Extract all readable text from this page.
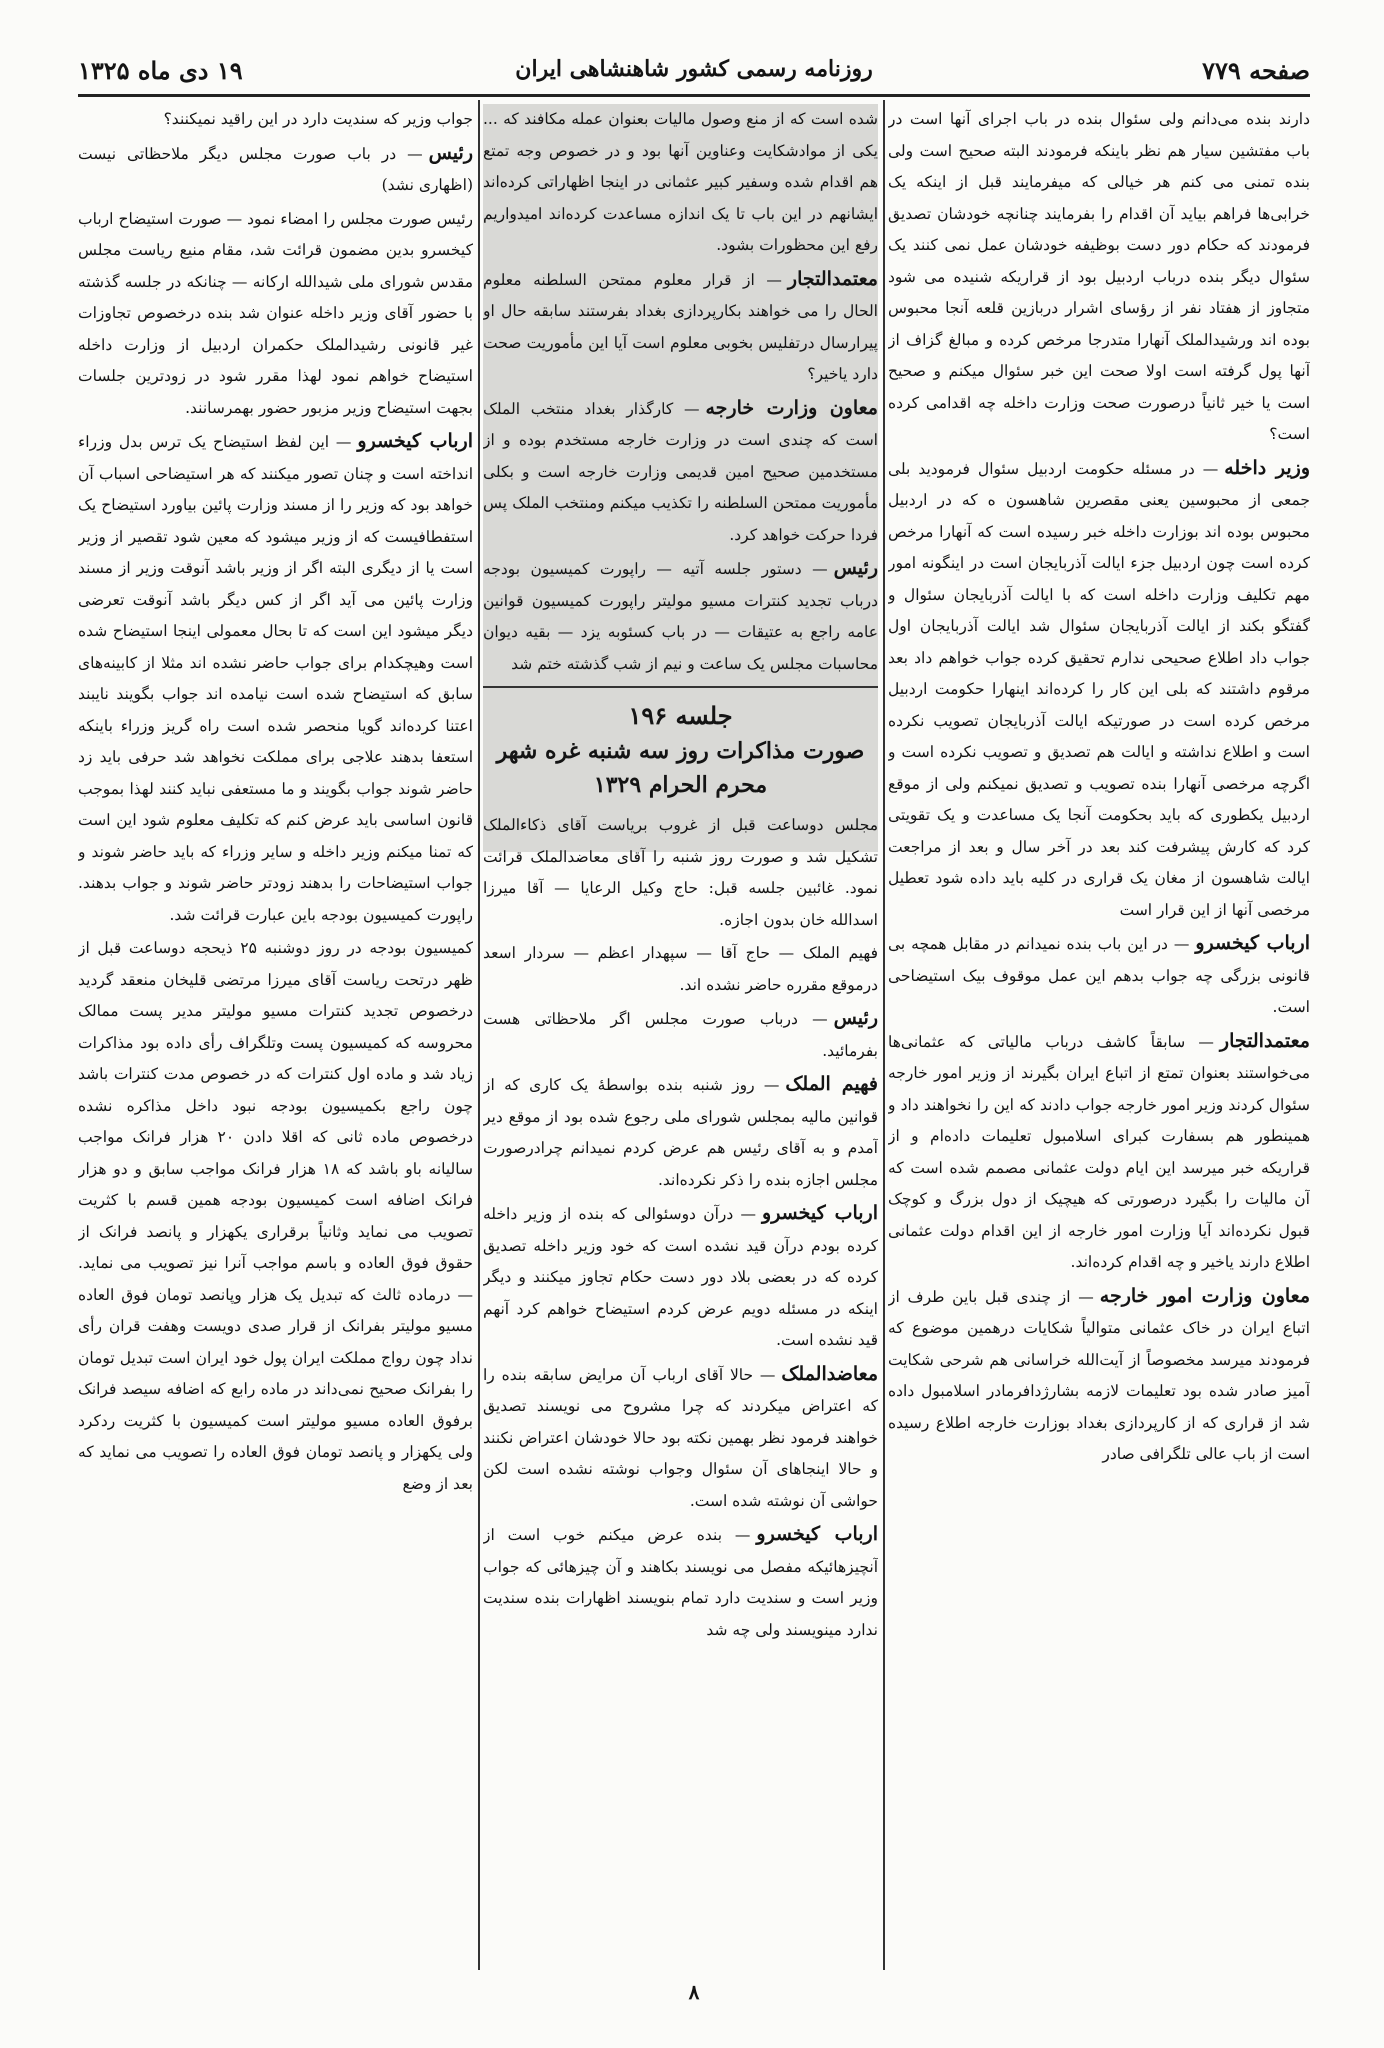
صفحه ۷۷۹
روزنامه رسمی کشور شاهنشاهی ایران
۱۹ دی ماه ۱۳۲۵

دارند بنده می‌دانم ولی سئوال بنده در باب اجرای آنها است در باب مفتشین سیار هم نظر باینکه فرمودند البته صحیح است ولی بنده تمنی می کنم هر خیالی که میفرمایند قبل از اینکه یک خرابی‌ها فراهم بیاید آن اقدام را بفرمایند چنانچه خودشان تصدیق فرمودند که حکام دور دست بوظیفه خودشان عمل نمی کنند یک سئوال دیگر بنده درباب اردبیل بود از قراریکه شنیده می شود متجاوز از هفتاد نفر از رؤسای اشرار دربازین قلعه آنجا محبوس بوده اند ورشیدالملک آنهارا متدرجا مرخص کرده و مبالغ گزاف از آنها پول گرفته است اولا صحت این خبر سئوال میکنم و صحیح است یا خیر ثانیاً درصورت صحت وزارت داخله چه اقدامی کرده است؟

وزیر داخله— در مسئله حکومت اردبیل سئوال فرمودید بلی جمعی از محبوسین یعنی مقصرین شاهسون ه که در اردبیل محبوس بوده اند بوزارت داخله خبر رسیده است که آنهارا مرخص کرده است چون اردبیل جزء ایالت آذربایجان است در اینگونه امور مهم تکلیف وزارت داخله است که با ایالت آذربایجان سئوال و گفتگو بکند از ایالت آذربایجان سئوال شد ایالت آذربایجان اول جواب داد اطلاع صحیحی ندارم تحقیق کرده جواب خواهم داد بعد مرقوم داشتند که بلی این کار را کرده‌اند اینهارا حکومت اردبیل مرخص کرده است در صورتیکه ایالت آذربایجان تصویب نکرده است و اطلاع نداشته و ایالت هم تصدیق و تصویب نکرده است و اگرچه مرخصی آنهارا بنده تصویب و تصدیق نمیکنم ولی از موقع اردبیل یکطوری که باید بحکومت آنجا یک مساعدت و یک تقویتی کرد که کارش پیشرفت کند بعد در آخر سال و بعد از مراجعت ایالت شاهسون از مغان یک قراری در کلیه باید داده شود تعطیل مرخصی آنها از این قرار است

ارباب کیخسرو— در این باب بنده نمیدانم در مقابل همچه بی قانونی بزرگی چه جواب بدهم این عمل موقوف بیک استیضاحی است.

معتمدالتجار— سابقاً کاشف درباب مالیاتی که عثمانی‌ها می‌خواستند بعنوان تمتع از اتباع ایران بگیرند از وزیر امور خارجه سئوال کردند وزیر امور خارجه جواب دادند که این را نخواهند داد و همینطور هم بسفارت کبرای اسلامبول تعلیمات داده‌ام و از قراریکه خبر میرسد این ایام دولت عثمانی مصمم شده است که آن مالیات را بگیرد درصورتی که هیچیک از دول بزرگ و کوچک قبول نکرده‌اند آیا وزارت امور خارجه از این اقدام دولت عثمانی اطلاع دارند یاخیر و چه اقدام کرده‌اند.

معاون وزارت امور خارجه— از چندی قبل باین طرف از اتباع ایران در خاک عثمانی متوالیاً شکایات درهمین موضوع که فرمودند میرسد مخصوصاً از آیت‌الله خراسانی هم شرحی شکایت آمیز صادر شده بود تعلیمات لازمه بشارژدافرمادر اسلامبول داده شد از قراری که از کارپردازی بغداد بوزارت خارجه اطلاع رسیده است از باب عالی تلگرافی صادر

شده است که از منع وصول مالیات بعنوان عمله مکافند که ... یکی از موادشکایت وعناوین آنها بود و در خصوص وجه تمتع هم اقدام شده وسفیر کبیر عثمانی در اینجا اظهاراتی کرده‌اند ایشانهم در این باب تا یک اندازه مساعدت کرده‌اند امیدواریم رفع این محظورات بشود.

معتمدالتجار— از قرار معلوم ممتحن السلطنه معلوم الحال را می خواهند بکارپردازی بغداد بفرستند سابقه حال او پیرارسال درتفلیس بخوبی معلوم است آیا این مأموریت صحت دارد یاخیر؟

معاون وزارت خارجه— کارگذار بغداد منتخب الملک است که چندی است در وزارت خارجه مستخدم بوده و از مستخدمین صحیح امین قدیمی وزارت خارجه است و بکلی مأموریت ممتحن السلطنه را تکذیب میکنم ومنتخب الملک پس فردا حرکت خواهد کرد.

رئیس— دستور جلسه آتیه — راپورت کمیسیون بودجه درباب تجدید کنترات مسیو مولیتر راپورت کمیسیون قوانین عامه راجع به عتیقات — در باب کسئوبه یزد — بقیه دیوان محاسبات مجلس یک ساعت و نیم از شب گذشته ختم شد

جلسه ۱۹۶
صورت مذاکرات روز سه شنبه غره شهر محرم الحرام ۱۳۲۹

مجلس دوساعت قبل از غروب بریاست آقای ذکاءالملک تشکیل شد و صورت روز شنبه را آقای معاضدالملک قرائت نمود. غائبین جلسه قبل: حاج وکیل الرعایا — آقا میرزا اسدالله خان بدون اجازه.

فهیم الملک — حاج آقا — سپهدار اعظم — سردار اسعد درموقع مقرره حاضر نشده اند.

رئیس— درباب صورت مجلس اگر ملاحظاتی هست بفرمائید.

فهیم الملک— روز شنبه بنده بواسطهٔ یک کاری که از قوانین مالیه بمجلس شورای ملی رجوع شده بود از موقع دیر آمدم و به آقای رئیس هم عرض کردم نمیدانم چرادرصورت مجلس اجازه بنده را ذکر نکرده‌اند.

ارباب کیخسرو— درآن دوسئوالی که بنده از وزیر داخله کرده بودم درآن قید نشده است که خود وزیر داخله تصدیق کرده که در بعضی بلاد دور دست حکام تجاوز میکنند و دیگر اینکه در مسئله دویم عرض کردم استیضاح خواهم کرد آنهم قید نشده است.

معاضدالملک— حالا آقای ارباب آن مرایض سابقه بنده را که اعتراض میکردند که چرا مشروح می نویسند تصدیق خواهند فرمود نظر بهمین نکته بود حالا خودشان اعتراض نکنند و حالا اینجاهای آن سئوال وجواب نوشته نشده است لکن حواشی آن نوشته شده است.

ارباب کیخسرو— بنده عرض میکنم خوب است از آنچیزهائیکه مفصل می نویسند بکاهند و آن چیزهائی که جواب وزیر است و سندیت دارد تمام بنویسند اظهارات بنده سندیت ندارد مینویسند ولی چه شد

جواب وزیر که سندیت دارد در این راقید نمیکنند؟

رئیس— در باب صورت مجلس دیگر ملاحظاتی نیست (اظهاری نشد)

رئیس صورت مجلس را امضاء نمود — صورت استیضاح ارباب کیخسرو بدین مضمون قرائت شد، مقام منیع ریاست مجلس مقدس شورای ملی شیدالله ارکانه — چنانکه در جلسه گذشته با حضور آقای وزیر داخله عنوان شد بنده درخصوص تجاوزات غیر قانونی رشیدالملک حکمران اردبیل از وزارت داخله استیضاح خواهم نمود لهذا مقرر شود در زودترین جلسات بجهت استیضاح وزیر مزبور حضور بهمرسانند.

ارباب کیخسرو— این لفظ استیضاح یک ترس بدل وزراء انداخته است و چنان تصور میکنند که هر استیضاحی اسباب آن خواهد بود که وزیر را از مسند وزارت پائین بیاورد استیضاح یک استفطافیست که از وزیر میشود که معین شود تقصیر از وزیر است یا از دیگری البته اگر از وزیر باشد آنوقت وزیر از مسند وزارت پائین می آید اگر از کس دیگر باشد آنوقت تعرضی دیگر میشود این است که تا بحال معمولی اینجا استیضاح شده است وهیچکدام برای جواب حاضر نشده اند مثلا از کابینه‌های سابق که استیضاح شده است نیامده اند جواب بگویند نایبند اعتنا کرده‌اند گویا منحصر شده است راه گریز وزراء باینکه استعفا بدهند علاجی برای مملکت نخواهد شد حرفی باید زد حاضر شوند جواب بگویند و ما مستعفی نباید کنند لهذا بموجب قانون اساسی باید عرض کنم که تکلیف معلوم شود این است که تمنا میکنم وزیر داخله و سایر وزراء که باید حاضر شوند و جواب استیضاحات را بدهند زودتر حاضر شوند و جواب بدهند. راپورت کمیسیون بودجه باین عبارت قرائت شد.

کمیسیون بودجه در روز دوشنبه ۲۵ ذیحجه دوساعت قبل از ظهر درتحت ریاست آقای میرزا مرتضی قلیخان منعقد گردید درخصوص تجدید کنترات مسیو مولیتر مدیر پست ممالک محروسه که کمیسیون پست وتلگراف رأی داده بود مذاکرات زیاد شد و ماده اول کنترات که در خصوص مدت کنترات باشد چون راجع بکمیسیون بودجه نبود داخل مذاکره نشده درخصوص ماده ثانی که اقلا دادن ۲۰ هزار فرانک مواجب ساليانه باو باشد که ۱۸ هزار فرانک مواجب سابق و دو هزار فرانک اضافه است کمیسیون بودجه همین قسم با کثریت تصویب می نماید وثانیاً برقراری یکهزار و پانصد فرانک از حقوق فوق العاده و باسم مواجب آنرا نیز تصویب می نماید. — درماده ثالث که تبدیل یک هزار وپانصد تومان فوق العاده مسیو مولیتر بفرانک از قرار صدی دویست وهفت قران رأی نداد چون رواج مملکت ایران پول خود ایران است تبدیل تومان را بفرانک صحیح نمی‌داند در ماده رابع که اضافه سیصد فرانک برفوق العاده مسیو مولیتر است کمیسیون با کثریت ردکرد ولی یکهزار و پانصد تومان فوق العاده را تصویب می نماید که بعد از وضع

۸
